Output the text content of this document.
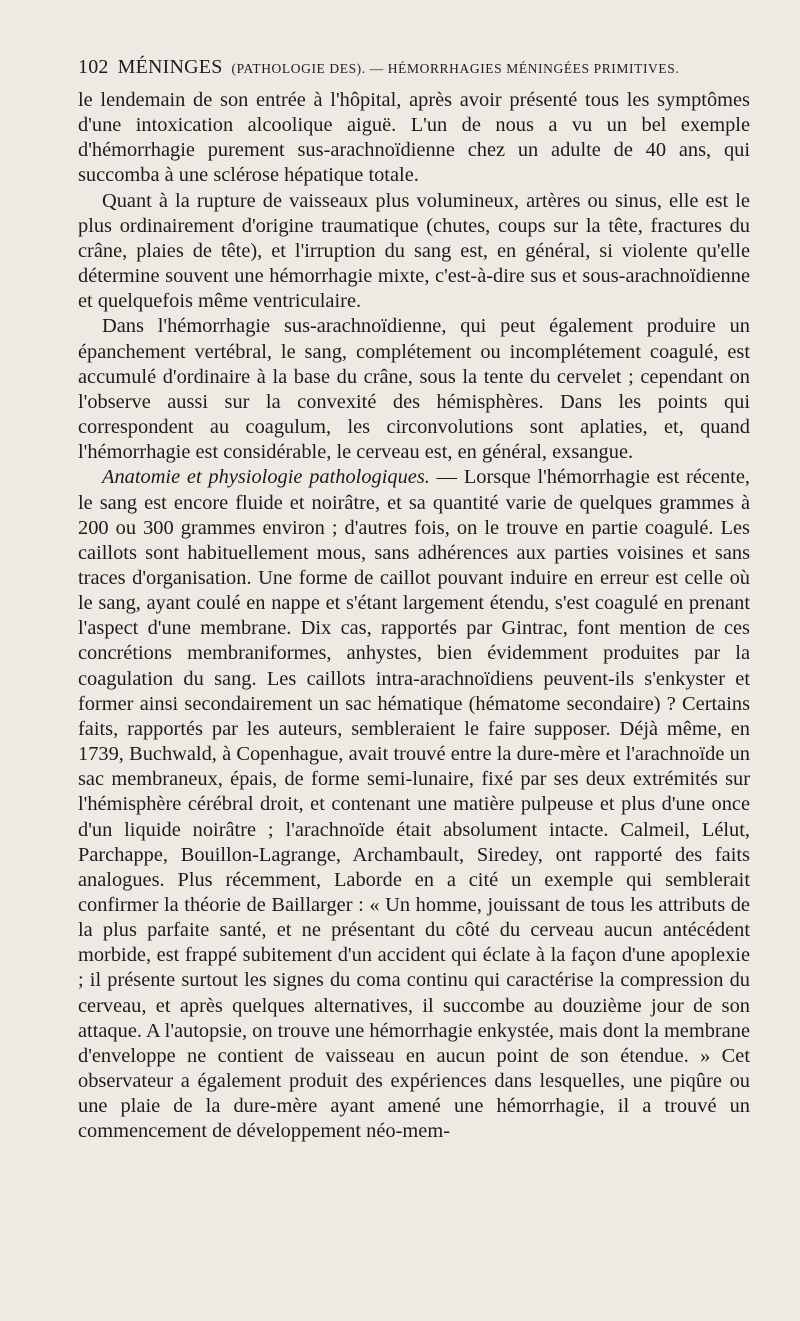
102 MÉNINGES (PATHOLOGIE DES). — HÉMORRHAGIES MÉNINGÉES PRIMITIVES.

le lendemain de son entrée à l'hôpital, après avoir présenté tous les symptômes d'une intoxication alcoolique aiguë. L'un de nous a vu un bel exemple d'hémorrhagie purement sus-arachnoïdienne chez un adulte de 40 ans, qui succomba à une sclérose hépatique totale.

Quant à la rupture de vaisseaux plus volumineux, artères ou sinus, elle est le plus ordinairement d'origine traumatique (chutes, coups sur la tête, fractures du crâne, plaies de tête), et l'irruption du sang est, en général, si violente qu'elle détermine souvent une hémorrhagie mixte, c'est-à-dire sus et sous-arachnoïdienne et quelquefois même ventriculaire.

Dans l'hémorrhagie sus-arachnoïdienne, qui peut également produire un épanchement vertébral, le sang, complétement ou incomplétement coagulé, est accumulé d'ordinaire à la base du crâne, sous la tente du cervelet ; cependant on l'observe aussi sur la convexité des hémisphères. Dans les points qui correspondent au coagulum, les circonvolutions sont aplaties, et, quand l'hémorrhagie est considérable, le cerveau est, en général, exsangue.

Anatomie et physiologie pathologiques. — Lorsque l'hémorrhagie est récente, le sang est encore fluide et noirâtre, et sa quantité varie de quelques grammes à 200 ou 300 grammes environ ; d'autres fois, on le trouve en partie coagulé. Les caillots sont habituellement mous, sans adhérences aux parties voisines et sans traces d'organisation. Une forme de caillot pouvant induire en erreur est celle où le sang, ayant coulé en nappe et s'étant largement étendu, s'est coagulé en prenant l'aspect d'une membrane. Dix cas, rapportés par Gintrac, font mention de ces concrétions membraniformes, anhystes, bien évidemment produites par la coagulation du sang. Les caillots intra-arachnoïdiens peuvent-ils s'enkyster et former ainsi secondairement un sac hématique (hématome secondaire) ? Certains faits, rapportés par les auteurs, sembleraient le faire supposer. Déjà même, en 1739, Buchwald, à Copenhague, avait trouvé entre la dure-mère et l'arachnoïde un sac membraneux, épais, de forme semi-lunaire, fixé par ses deux extrémités sur l'hémisphère cérébral droit, et contenant une matière pulpeuse et plus d'une once d'un liquide noirâtre ; l'arachnoïde était absolument intacte. Calmeil, Lélut, Parchappe, Bouillon-Lagrange, Archambault, Siredey, ont rapporté des faits analogues. Plus récemment, Laborde en a cité un exemple qui semblerait confirmer la théorie de Baillarger : « Un homme, jouissant de tous les attributs de la plus parfaite santé, et ne présentant du côté du cerveau aucun antécédent morbide, est frappé subitement d'un accident qui éclate à la façon d'une apoplexie ; il présente surtout les signes du coma continu qui caractérise la compression du cerveau, et après quelques alternatives, il succombe au douzième jour de son attaque. A l'autopsie, on trouve une hémorrhagie enkystée, mais dont la membrane d'enveloppe ne contient de vaisseau en aucun point de son étendue. » Cet observateur a également produit des expériences dans lesquelles, une piqûre ou une plaie de la dure-mère ayant amené une hémorrhagie, il a trouvé un commencement de développement néo-mem-
